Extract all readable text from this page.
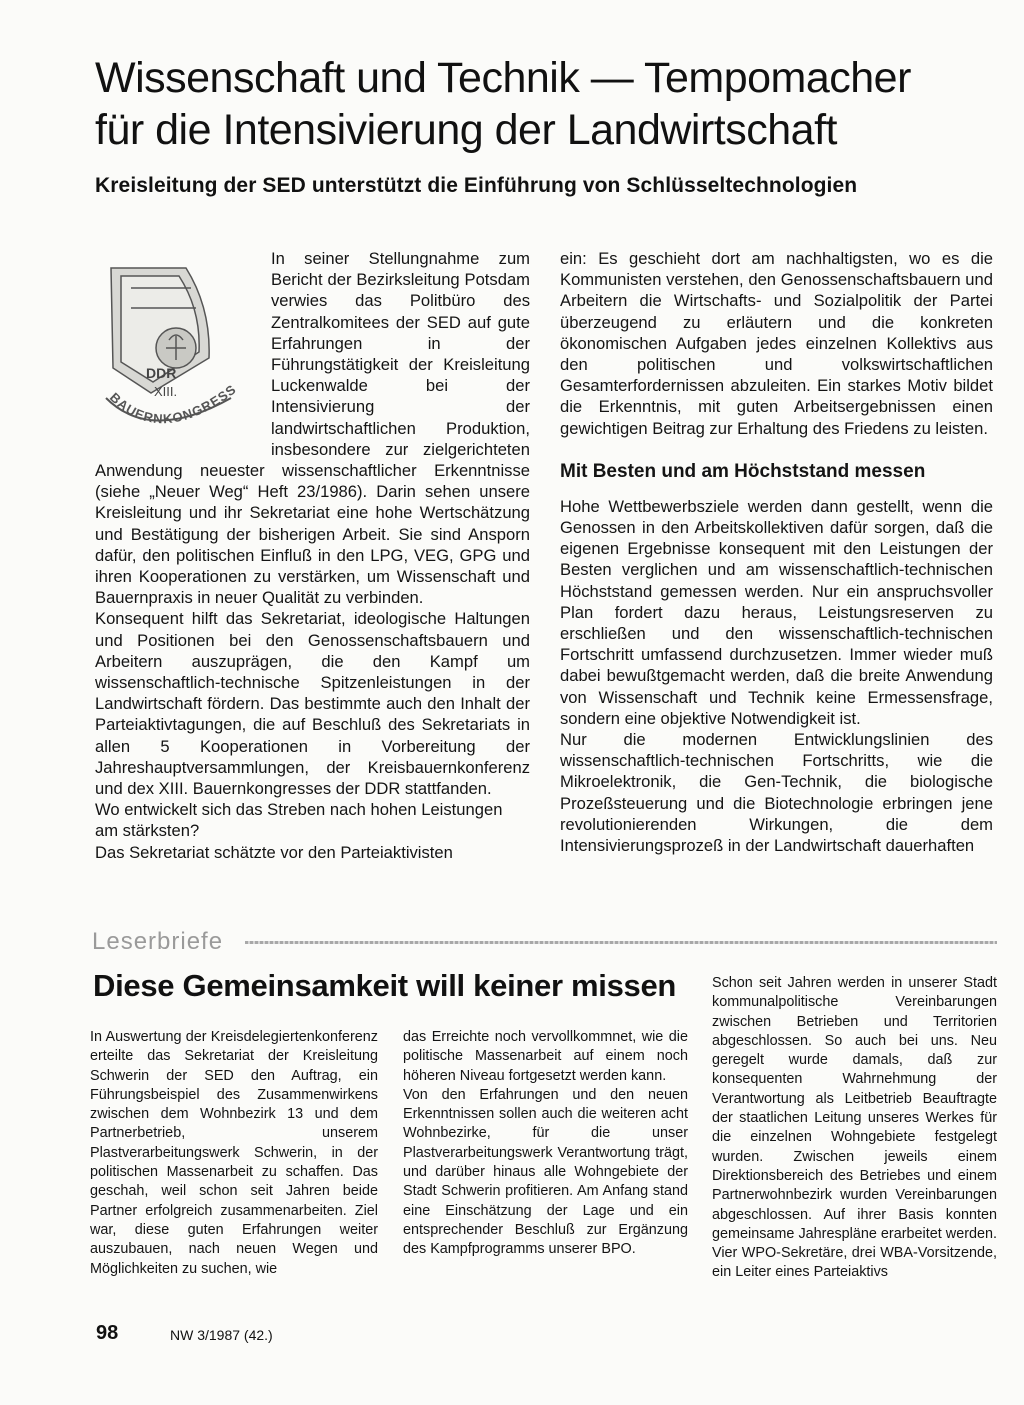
Wissenschaft und Technik — Tempomacher
für die Intensivierung der Landwirtschaft
Kreisleitung der SED unterstützt die Einführung von Schlüsseltechnologien
DDR
XIII.
BAUERNKONGRESS

In seiner Stellungnahme zum Bericht der Bezirksleitung Potsdam verwies das Politbüro des Zentralkomitees der SED auf gute Erfahrungen in der Führungstätigkeit der Kreisleitung Luckenwalde bei der Intensivierung der landwirtschaftlichen Produktion, insbesondere zur zielgerichteten Anwendung neuester wissenschaftlicher Erkenntnisse (siehe „Neuer Weg“ Heft 23/1986). Darin sehen unsere Kreisleitung und ihr Sekretariat eine hohe Wertschätzung und Bestätigung der bisherigen Arbeit. Sie sind Ansporn dafür, den politischen Einfluß in den LPG, VEG, GPG und ihren Kooperationen zu verstärken, um Wissenschaft und Bauernpraxis in neuer Qualität zu verbinden.

Konsequent hilft das Sekretariat, ideologische Haltungen und Positionen bei den Genossenschaftsbauern und Arbeitern auszuprägen, die den Kampf um wissenschaftlich-technische Spitzenleistungen in der Landwirtschaft fördern. Das bestimmte auch den Inhalt der Parteiaktivtagungen, die auf Beschluß des Sekretariats in allen 5 Kooperationen in Vorbereitung der Jahreshauptversammlungen, der Kreisbauernkonferenz und dex XIII. Bauernkongresses der DDR stattfanden.

Wo entwickelt sich das Streben nach hohen Leistungen am stärksten?

Das Sekretariat schätzte vor den Parteiaktivisten

ein: Es geschieht dort am nachhaltigsten, wo es die Kommunisten verstehen, den Genossenschaftsbauern und Arbeitern die Wirtschafts- und Sozialpolitik der Partei überzeugend zu erläutern und die konkreten ökonomischen Aufgaben jedes einzelnen Kollektivs aus den politischen und volkswirtschaftlichen Gesamterfordernissen abzuleiten. Ein starkes Motiv bildet die Erkenntnis, mit guten Arbeitsergebnissen einen gewichtigen Beitrag zur Erhaltung des Friedens zu leisten.

Mit Besten und am Höchststand messen

Hohe Wettbewerbsziele werden dann gestellt, wenn die Genossen in den Arbeitskollektiven dafür sorgen, daß die eigenen Ergebnisse konsequent mit den Leistungen der Besten verglichen und am wissenschaftlich-technischen Höchststand gemessen werden. Nur ein anspruchsvoller Plan fordert dazu heraus, Leistungsreserven zu erschließen und den wissenschaftlich-technischen Fortschritt umfassend durchzusetzen. Immer wieder muß dabei bewußtgemacht werden, daß die breite Anwendung von Wissenschaft und Technik keine Ermessensfrage, sondern eine objektive Notwendigkeit ist.

Nur die modernen Entwicklungslinien des wissenschaftlich-technischen Fortschritts, wie die Mikroelektronik, die Gen-Technik, die biologische Prozeßsteuerung und die Biotechnologie erbringen jene revolutionierenden Wirkungen, die dem Intensivierungsprozeß in der Landwirtschaft dauerhaften

Leserbriefe
Diese Gemeinsamkeit will keiner missen

In Auswertung der Kreisdelegiertenkonferenz erteilte das Sekretariat der Kreisleitung Schwerin der SED den Auftrag, ein Führungsbeispiel des Zusammenwirkens zwischen dem Wohnbezirk 13 und dem Partnerbetrieb, unserem Plastverarbeitungswerk Schwerin, in der politischen Massenarbeit zu schaffen. Das geschah, weil schon seit Jahren beide Partner erfolgreich zusammenarbeiten. Ziel war, diese guten Erfahrungen weiter auszubauen, nach neuen Wegen und Möglichkeiten zu suchen, wie

das Erreichte noch vervollkommnet, wie die politische Massenarbeit auf einem noch höheren Niveau fortgesetzt werden kann.

Von den Erfahrungen und den neuen Erkenntnissen sollen auch die weiteren acht Wohnbezirke, für die unser Plastverarbeitungswerk Verantwortung trägt, und darüber hinaus alle Wohngebiete der Stadt Schwerin profitieren. Am Anfang stand eine Einschätzung der Lage und ein entsprechender Beschluß zur Ergänzung des Kampfprogramms unserer BPO.

Schon seit Jahren werden in unserer Stadt kommunalpolitische Vereinbarungen zwischen Betrieben und Territorien abgeschlossen. So auch bei uns. Neu geregelt wurde damals, daß zur konsequenten Wahrnehmung der Verantwortung als Leitbetrieb Beauftragte der staatlichen Leitung unseres Werkes für die einzelnen Wohngebiete festgelegt wurden. Zwischen jeweils einem Direktionsbereich des Betriebes und einem Partnerwohnbezirk wurden Vereinbarungen abgeschlossen. Auf ihrer Basis konnten gemeinsame Jahrespläne erarbeitet werden. Vier WPO-Sekretäre, drei WBA-Vorsitzende, ein Leiter eines Parteiaktivs

98	NW 3/1987 (42.)
